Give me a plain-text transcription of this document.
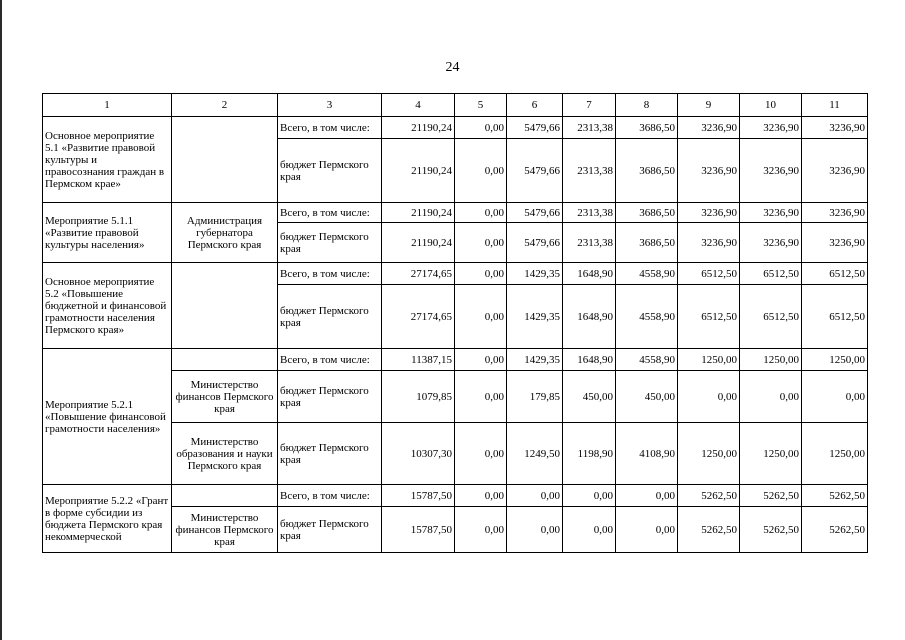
24
1	2	3	4	5	6	7	8	9	10	11
Основное мероприятие 5.1 «Развитие правовой культуры и правосознания граждан в Пермском крае»		Всего, в том числе:	21190,24	0,00	5479,66	2313,38	3686,50	3236,90	3236,90	3236,90
		бюджет Пермского края	21190,24	0,00	5479,66	2313,38	3686,50	3236,90	3236,90	3236,90
Мероприятие 5.1.1 «Развитие правовой культуры населения»	Администрация губернатора Пермского края	Всего, в том числе:	21190,24	0,00	5479,66	2313,38	3686,50	3236,90	3236,90	3236,90
		бюджет Пермского края	21190,24	0,00	5479,66	2313,38	3686,50	3236,90	3236,90	3236,90
Основное мероприятие 5.2 «Повышение бюджетной и финансовой грамотности населения Пермского края»		Всего, в том числе:	27174,65	0,00	1429,35	1648,90	4558,90	6512,50	6512,50	6512,50
		бюджет Пермского края	27174,65	0,00	1429,35	1648,90	4558,90	6512,50	6512,50	6512,50
Мероприятие 5.2.1 «Повышение финансовой грамотности населения»		Всего, в том числе:	11387,15	0,00	1429,35	1648,90	4558,90	1250,00	1250,00	1250,00
	Министерство финансов Пермского края	бюджет Пермского края	1079,85	0,00	179,85	450,00	450,00	0,00	0,00	0,00
	Министерство образования и науки Пермского края	бюджет Пермского края	10307,30	0,00	1249,50	1198,90	4108,90	1250,00	1250,00	1250,00
Мероприятие 5.2.2 «Грант в форме субсидии из бюджета Пермского края некоммерческой		Всего, в том числе:	15787,50	0,00	0,00	0,00	0,00	5262,50	5262,50	5262,50
	Министерство финансов Пермского края	бюджет Пермского края	15787,50	0,00	0,00	0,00	0,00	5262,50	5262,50	5262,50
